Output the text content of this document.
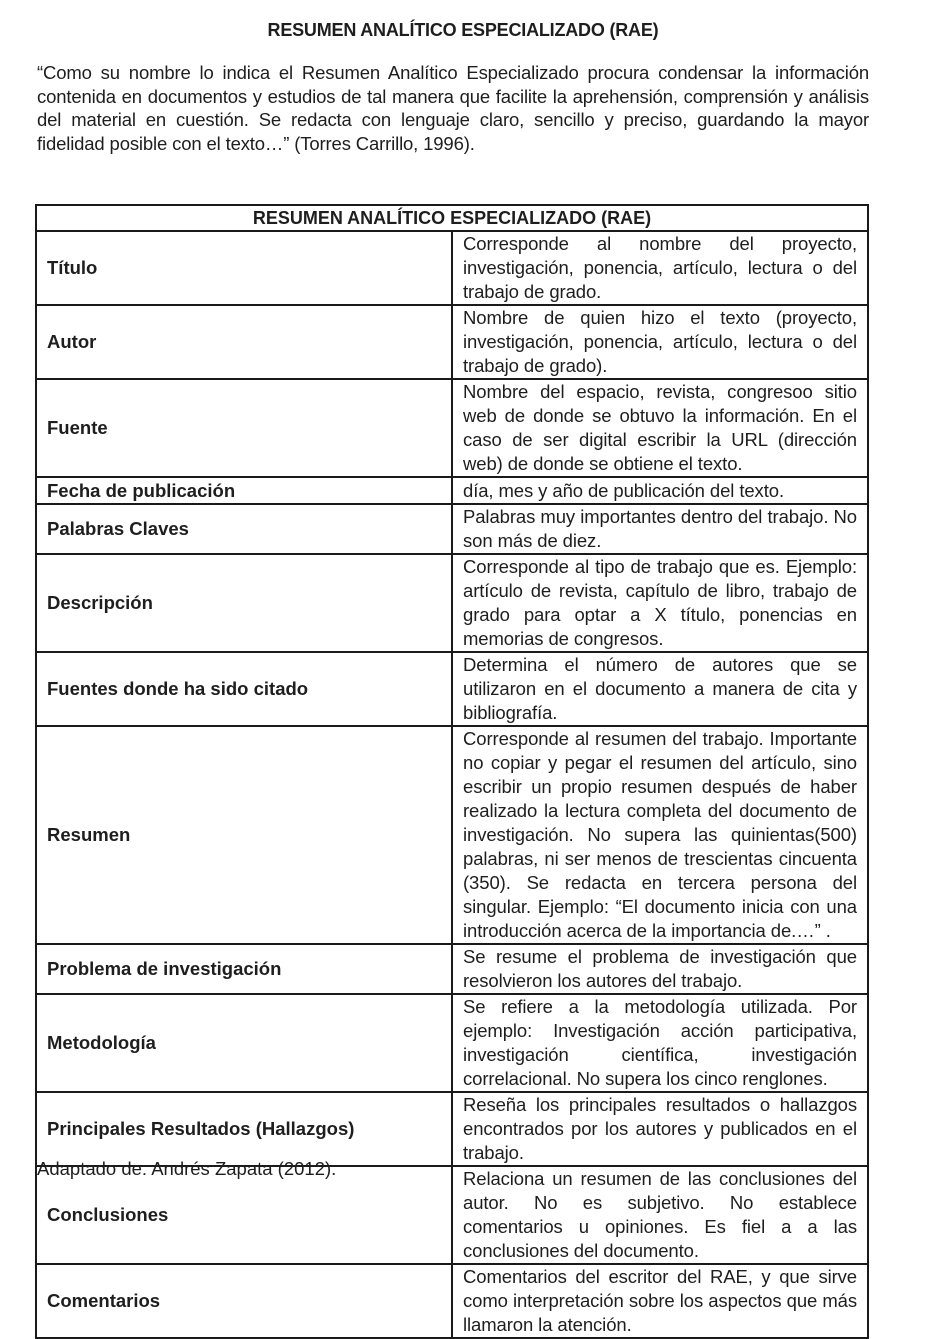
RESUMEN ANALÍTICO ESPECIALIZADO (RAE)

“Como su nombre lo indica el Resumen Analítico Especializado procura condensar la información contenida en documentos y estudios de tal manera que facilite la aprehensión, comprensión y análisis del material en cuestión. Se redacta con lenguaje claro, sencillo y preciso, guardando la mayor fidelidad posible con el texto…” (Torres Carrillo, 1996).

RESUMEN ANALÍTICO ESPECIALIZADO (RAE)	
Título	Corresponde al nombre del proyecto, investigación, ponencia, artículo, lectura o del trabajo de grado.
Autor	Nombre de quien hizo el texto (proyecto, investigación, ponencia, artículo, lectura o del trabajo de grado).
Fuente	Nombre del espacio, revista, congresoo sitio web de donde se obtuvo la información. En el caso de ser digital escribir la URL (dirección web) de donde se obtiene el texto.
Fecha de publicación	día, mes y año de publicación del texto.
Palabras Claves	Palabras muy importantes dentro del trabajo. No son más de diez.
Descripción	Corresponde al tipo de trabajo que es. Ejemplo: artículo de revista, capítulo de libro, trabajo de grado para optar a X título, ponencias en memorias de congresos.
Fuentes donde ha sido citado	Determina el número de autores que se utilizaron en el documento a manera de cita y bibliografía.
Resumen	Corresponde al resumen del trabajo. Importante no copiar y pegar el resumen del artículo, sino escribir un propio resumen después de haber realizado la lectura completa del documento de investigación. No supera las quinientas(500) palabras, ni ser menos de trescientas cincuenta (350). Se redacta en tercera persona del singular. Ejemplo: “El documento inicia con una introducción acerca de la importancia de.…” .
Problema de investigación	Se resume el problema de investigación que resolvieron los autores del trabajo.
Metodología	Se refiere a la metodología utilizada. Por ejemplo: Investigación acción participativa, investigación científica, investigación correlacional. No supera los cinco renglones.
Principales Resultados (Hallazgos)	Reseña los principales resultados o hallazgos encontrados por los autores y publicados en el trabajo.
Conclusiones	Relaciona un resumen de las conclusiones del autor. No es subjetivo. No establece comentarios u opiniones. Es fiel a a las conclusiones del documento.
Comentarios	Comentarios del escritor del RAE, y que sirve como interpretación sobre los aspectos que más llamaron la atención.
Adaptado de: Andrés Zapata (2012).
